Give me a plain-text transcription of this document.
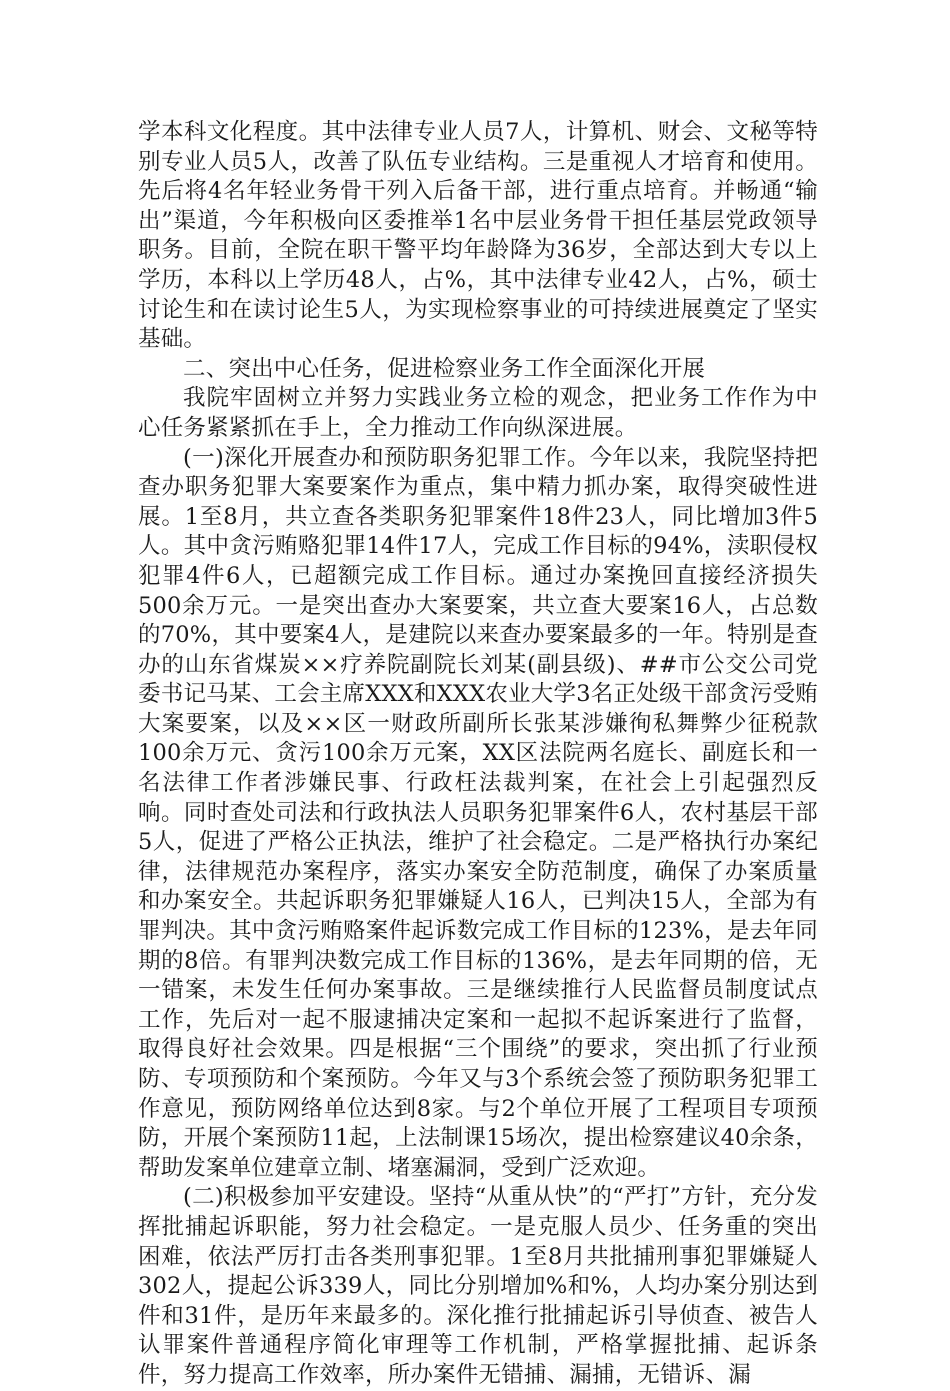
学本科文化程度。其中法律专业人员7人，计算机、财会、文秘等特别专业人员5人，改善了队伍专业结构。三是重视人才培育和使用。先后将4名年轻业务骨干列入后备干部，进行重点培育。并畅通“输出”渠道，今年积极向区委推举1名中层业务骨干担任基层党政领导职务。目前，全院在职干警平均年龄降为36岁，全部达到大专以上学历，本科以上学历48人，占%，其中法律专业42人，占%，硕士讨论生和在读讨论生5人，为实现检察事业的可持续进展奠定了坚实基础。

二、突出中心任务，促进检察业务工作全面深化开展

我院牢固树立并努力实践业务立检的观念，把业务工作作为中心任务紧紧抓在手上，全力推动工作向纵深进展。

(一)深化开展查办和预防职务犯罪工作。今年以来，我院坚持把查办职务犯罪大案要案作为重点，集中精力抓办案，取得突破性进展。1至8月，共立查各类职务犯罪案件18件23人，同比增加3件5人。其中贪污贿赂犯罪14件17人，完成工作目标的94%，渎职侵权犯罪4件6人，已超额完成工作目标。通过办案挽回直接经济损失500余万元。一是突出查办大案要案，共立查大要案16人，占总数的70%，其中要案4人，是建院以来查办要案最多的一年。特别是查办的山东省煤炭××疗养院副院长刘某(副县级)、##市公交公司党委书记马某、工会主席XXX和XXX农业大学3名正处级干部贪污受贿大案要案，以及××区一财政所副所长张某涉嫌徇私舞弊少征税款100余万元、贪污100余万元案，XX区法院两名庭长、副庭长和一名法律工作者涉嫌民事、行政枉法裁判案，在社会上引起强烈反响。同时查处司法和行政执法人员职务犯罪案件6人，农村基层干部5人，促进了严格公正执法，维护了社会稳定。二是严格执行办案纪律，法律规范办案程序，落实办案安全防范制度，确保了办案质量和办案安全。共起诉职务犯罪嫌疑人16人，已判决15人，全部为有罪判决。其中贪污贿赂案件起诉数完成工作目标的123%，是去年同期的8倍。有罪判决数完成工作目标的136%，是去年同期的倍，无一错案，未发生任何办案事故。三是继续推行人民监督员制度试点工作，先后对一起不服逮捕决定案和一起拟不起诉案进行了监督，取得良好社会效果。四是根据“三个围绕”的要求，突出抓了行业预防、专项预防和个案预防。今年又与3个系统会签了预防职务犯罪工作意见，预防网络单位达到8家。与2个单位开展了工程项目专项预防，开展个案预防11起，上法制课15场次，提出检察建议40余条，帮助发案单位建章立制、堵塞漏洞，受到广泛欢迎。

(二)积极参加平安建设。坚持“从重从快”的“严打”方针，充分发挥批捕起诉职能，努力社会稳定。一是克服人员少、任务重的突出困难，依法严厉打击各类刑事犯罪。1至8月共批捕刑事犯罪嫌疑人302人，提起公诉339人，同比分别增加%和%，人均办案分别达到件和31件，是历年来最多的。深化推行批捕起诉引导侦查、被告人认罪案件普通程序简化审理等工作机制，严格掌握批捕、起诉条件，努力提高工作效率，所办案件无错捕、漏捕，无错诉、漏
